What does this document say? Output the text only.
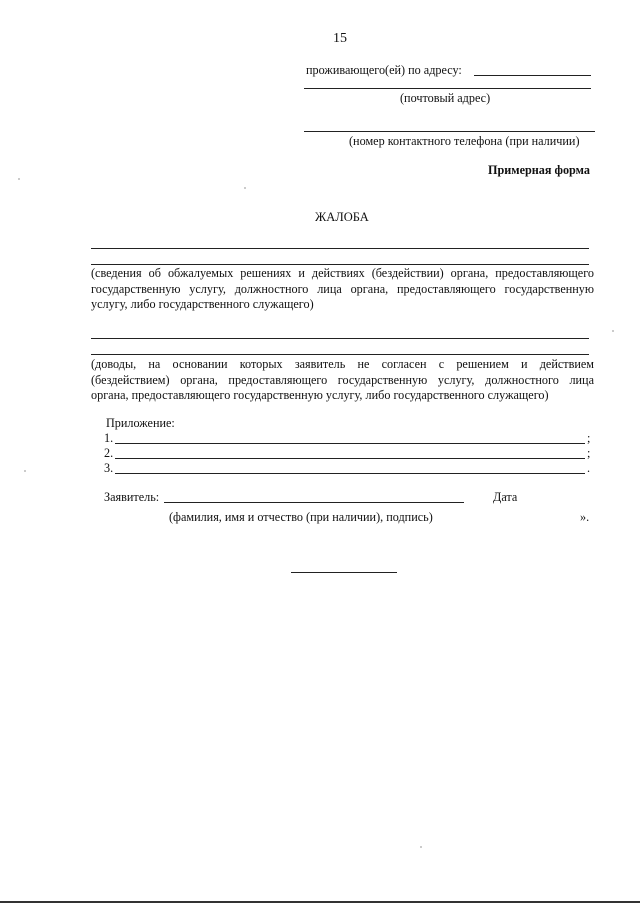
15
проживающего(ей) по адресу:
(почтовый адрес)
(номер контактного телефона (при наличии)
Примерная форма
ЖАЛОБА
(сведения об обжалуемых решениях и действиях (бездействии) органа, предоставляющего
государственную услугу, должностного лица органа, предоставляющего государственную
услугу, либо государственного служащего)
(доводы, на основании которых заявитель не согласен с решением и действием
(бездействием) органа, предоставляющего государственную услугу, должностного лица
органа, предоставляющего государственную услугу, либо государственного служащего)
Приложение:
1.	;
2.	;
3.	.
Заявитель:	Дата
(фамилия, имя и отчество (при наличии), подпись)	».
